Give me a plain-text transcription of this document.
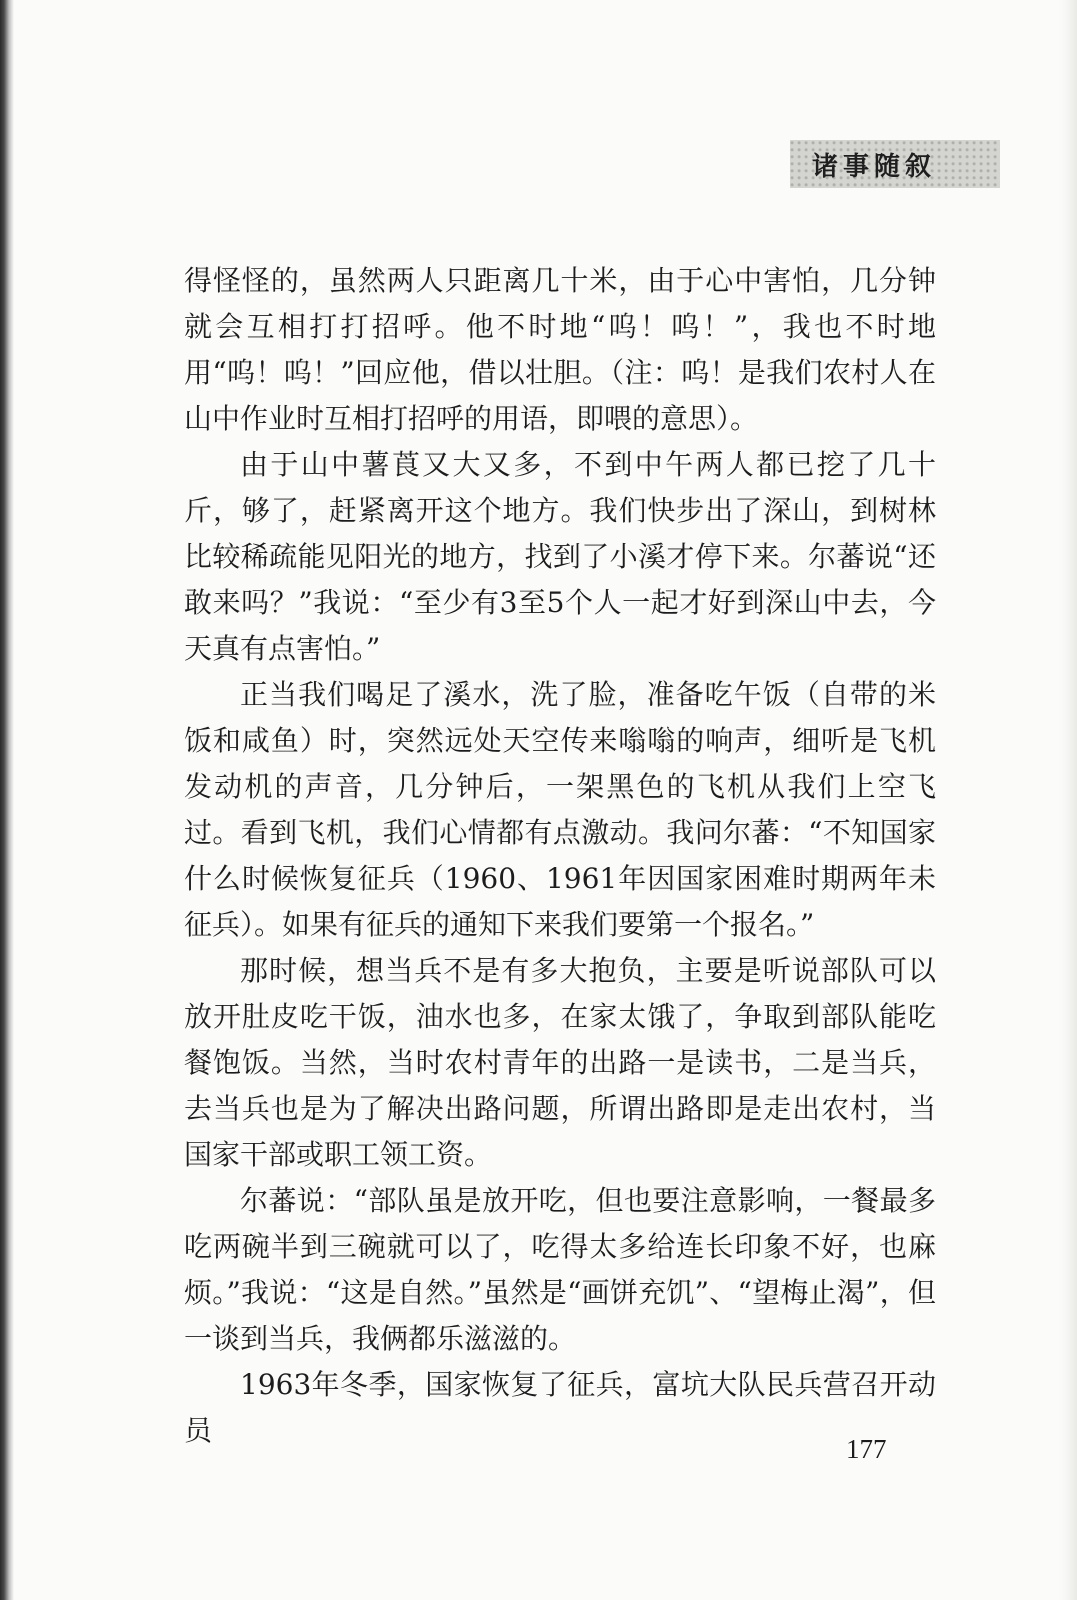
诸事随叙

得怪怪的，虽然两人只距离几十米，由于心中害怕，几分钟就会互相打打招呼。他不时地“呜！呜！”，我也不时地用“呜！呜！”回应他，借以壮胆。（注：呜！是我们农村人在山中作业时互相打招呼的用语，即喂的意思）。

由于山中薯莨又大又多，不到中午两人都已挖了几十斤，够了，赶紧离开这个地方。我们快步出了深山，到树林比较稀疏能见阳光的地方，找到了小溪才停下来。尔蕃说“还敢来吗？”我说：“至少有3至5个人一起才好到深山中去，今天真有点害怕。”

正当我们喝足了溪水，洗了脸，准备吃午饭（自带的米饭和咸鱼）时，突然远处天空传来嗡嗡的响声，细听是飞机发动机的声音，几分钟后，一架黑色的飞机从我们上空飞过。看到飞机，我们心情都有点激动。我问尔蕃：“不知国家什么时候恢复征兵（1960、1961年因国家困难时期两年未征兵）。如果有征兵的通知下来我们要第一个报名。”

那时候，想当兵不是有多大抱负，主要是听说部队可以放开肚皮吃干饭，油水也多，在家太饿了，争取到部队能吃餐饱饭。当然，当时农村青年的出路一是读书，二是当兵，去当兵也是为了解决出路问题，所谓出路即是走出农村，当国家干部或职工领工资。

尔蕃说：“部队虽是放开吃，但也要注意影响，一餐最多吃两碗半到三碗就可以了，吃得太多给连长印象不好，也麻烦。”我说：“这是自然。”虽然是“画饼充饥”、“望梅止渴”，但一谈到当兵，我俩都乐滋滋的。

1963年冬季，国家恢复了征兵，富坑大队民兵营召开动员

177
